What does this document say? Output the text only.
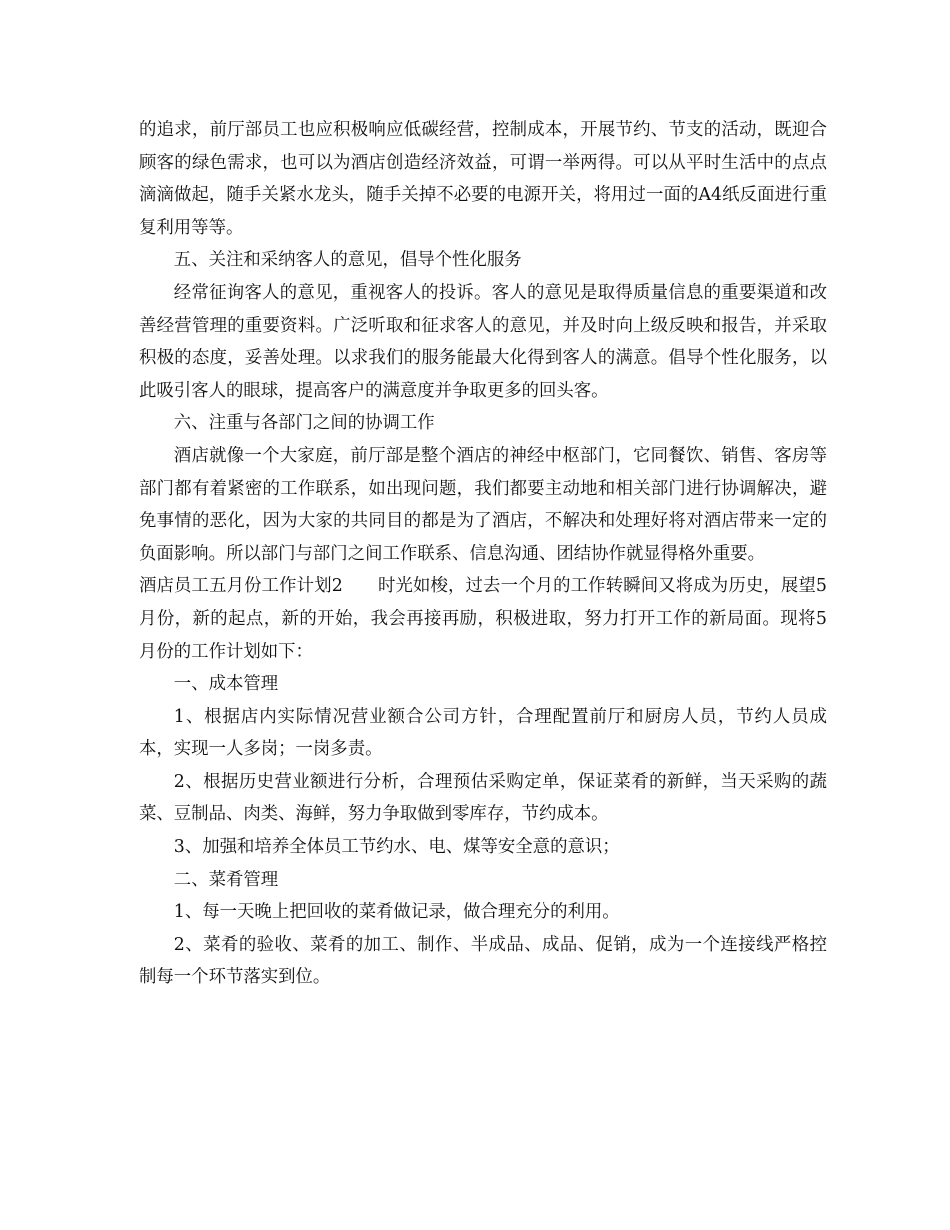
的追求，前厅部员工也应积极响应低碳经营，控制成本，开展节约、节支的活动，既迎合顾客的绿色需求，也可以为酒店创造经济效益，可谓一举两得。可以从平时生活中的点点滴滴做起，随手关紧水龙头，随手关掉不必要的电源开关，将用过一面的A4纸反面进行重复利用等等。

五、关注和采纳客人的意见，倡导个性化服务

经常征询客人的意见，重视客人的投诉。客人的意见是取得质量信息的重要渠道和改善经营管理的重要资料。广泛听取和征求客人的意见，并及时向上级反映和报告，并采取积极的态度，妥善处理。以求我们的服务能最大化得到客人的满意。倡导个性化服务，以此吸引客人的眼球，提高客户的满意度并争取更多的回头客。

六、注重与各部门之间的协调工作

酒店就像一个大家庭，前厅部是整个酒店的神经中枢部门，它同餐饮、销售、客房等部门都有着紧密的工作联系，如出现问题，我们都要主动地和相关部门进行协调解决，避免事情的恶化，因为大家的共同目的都是为了酒店，不解决和处理好将对酒店带来一定的负面影响。所以部门与部门之间工作联系、信息沟通、团结协作就显得格外重要。

酒店员工五月份工作计划2　　时光如梭，过去一个月的工作转瞬间又将成为历史，展望5月份，新的起点，新的开始，我会再接再励，积极进取，努力打开工作的新局面。现将5月份的工作计划如下：

一、成本管理

1、根据店内实际情况营业额合公司方针，合理配置前厅和厨房人员，节约人员成本，实现一人多岗；一岗多责。

2、根据历史营业额进行分析，合理预估采购定单，保证菜肴的新鲜，当天采购的蔬菜、豆制品、肉类、海鲜，努力争取做到零库存，节约成本。

3、加强和培养全体员工节约水、电、煤等安全意的意识；

二、菜肴管理

1、每一天晚上把回收的菜肴做记录，做合理充分的利用。

2、菜肴的验收、菜肴的加工、制作、半成品、成品、促销，成为一个连接线严格控制每一个环节落实到位。
